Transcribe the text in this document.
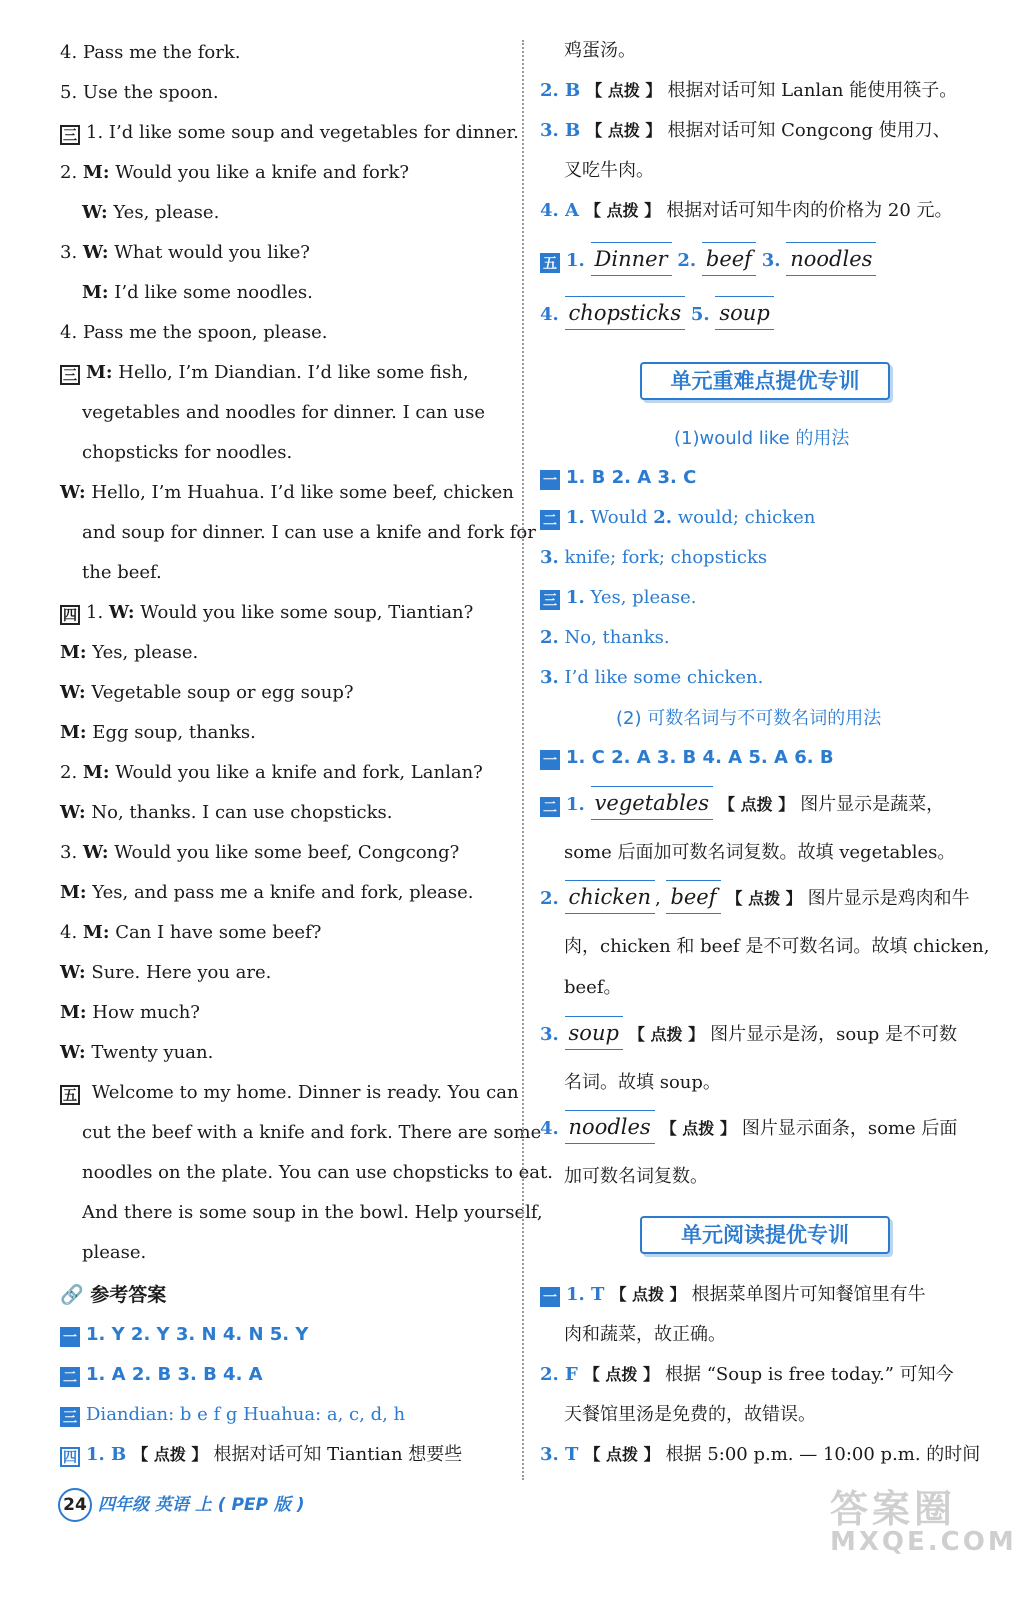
4. Pass me the fork.
5. Use the spoon.
三 1. I’d like some soup and vegetables for dinner.
2. M: Would you like a knife and fork?
W: Yes, please.
3. W: What would you like?
M: I’d like some noodles.
4. Pass me the spoon, please.
三 M: Hello, I’m Diandian. I’d like some fish,
vegetables and noodles for dinner. I can use
chopsticks for noodles.
W: Hello, I’m Huahua. I’d like some beef, chicken
and soup for dinner. I can use a knife and fork for
the beef.
四 1. W: Would you like some soup, Tiantian?
M: Yes, please.
W: Vegetable soup or egg soup?
M: Egg soup, thanks.
2. M: Would you like a knife and fork, Lanlan?
W: No, thanks. I can use chopsticks.
3. W: Would you like some beef, Congcong?
M: Yes, and pass me a knife and fork, please.
4. M: Can I have some beef?
W: Sure. Here you are.
M: How much?
W: Twenty yuan.
五 Welcome to my home. Dinner is ready. You can
cut the beef with a knife and fork. There are some
noodles on the plate. You can use chopsticks to eat.
And there is some soup in the bowl. Help yourself,
please.
🔗 参考答案
一 1. Y 2. Y 3. N 4. N 5. Y
二 1. A 2. B 3. B 4. A
三 Diandian: b e f g Huahua: a, c, d, h
四 1. B 【 点拨 】 根据对话可知 Tiantian 想要些
鸡蛋汤。
2. B 【 点拨 】 根据对话可知 Lanlan 能使用筷子。
3. B 【 点拨 】 根据对话可知 Congcong 使用刀、
叉吃牛肉。
4. A 【 点拨 】 根据对话可知牛肉的价格为 20 元。
五 1. Dinner 2. beef 3. noodles
4. chopsticks 5. soup
单元重难点提优专训
(1)would like 的用法
一 1. B 2. A 3. C
二 1. Would 2. would; chicken
3. knife; fork; chopsticks
三 1. Yes, please.
2. No, thanks.
3. I’d like some chicken.
(2) 可数名词与不可数名词的用法
一 1. C 2. A 3. B 4. A 5. A 6. B
二 1. vegetables 【 点拨 】 图片显示是蔬菜，
some 后面加可数名词复数。故填 vegetables。
2. chicken , beef 【 点拨 】 图片显示是鸡肉和牛
肉，chicken 和 beef 是不可数名词。故填 chicken,
beef。
3. soup 【 点拨 】 图片显示是汤，soup 是不可数
名词。故填 soup。
4. noodles 【 点拨 】 图片显示面条，some 后面
加可数名词复数。
单元阅读提优专训
一 1. T 【 点拨 】 根据菜单图片可知餐馆里有牛
肉和蔬菜，故正确。
2. F 【 点拨 】 根据 “Soup is free today.” 可知今
天餐馆里汤是免费的，故错误。
3. T 【 点拨 】 根据 5:00 p.m. — 10:00 p.m. 的时间
24 四年级 英语 上 ( PEP 版 )	答案圈
MXQE.COM
